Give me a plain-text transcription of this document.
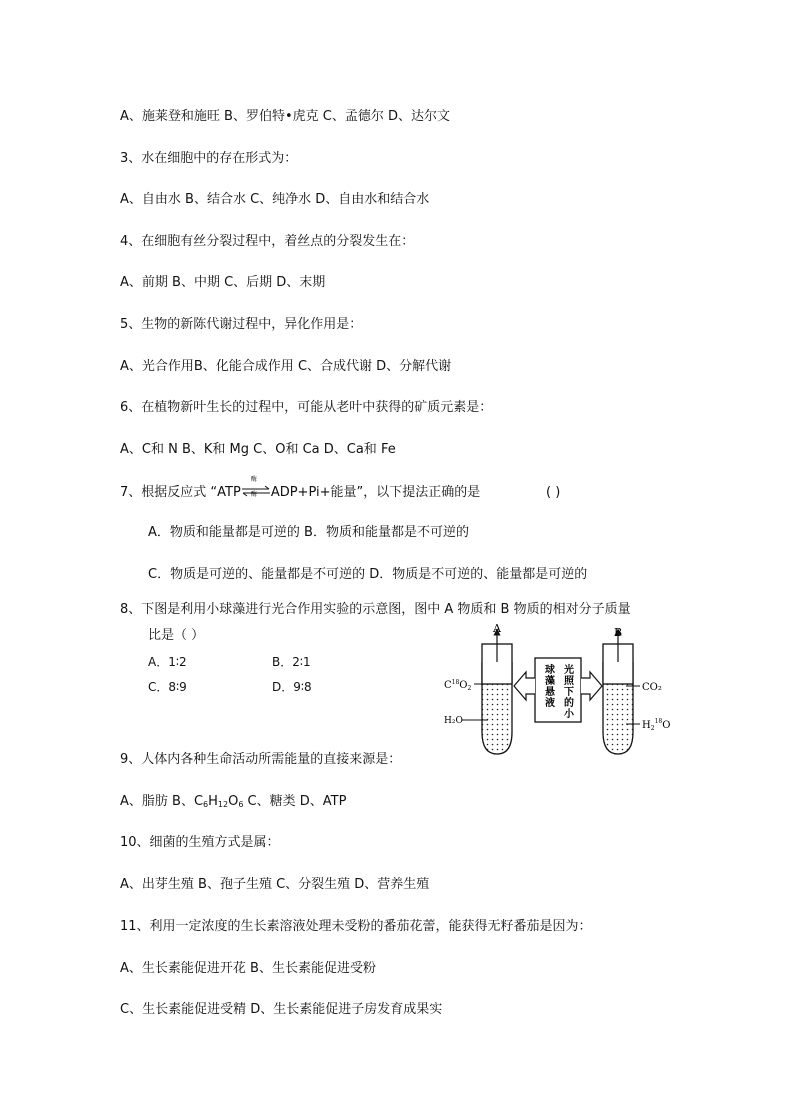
A、施莱登和施旺 B、罗伯特•虎克 C、孟德尔 D、达尔文
3、水在细胞中的存在形式为：
A、自由水 B、结合水 C、纯净水 D、自由水和结合水
4、在细胞有丝分裂过程中，着丝点的分裂发生在：
A、前期 B、中期 C、后期 D、末期
5、生物的新陈代谢过程中，异化作用是：
A、光合作用B、化能合成作用 C、合成代谢 D、分解代谢
6、在植物新叶生长的过程中，可能从老叶中获得的矿质元素是：
A、C和 N B、K和 Mg C、O和 Ca D、Ca和 Fe
7、根据反应式 “ATP
酶
酶 ADP+Pi+能量”，以下提法正确的是	( )
A．物质和能量都是可逆的 B．物质和能量都是不可逆的
C．物质是可逆的、能量都是不可逆的 D．物质是不可逆的、能量都是可逆的
8、下图是利用小球藻进行光合作用实验的示意图，图中 A 物质和 B 物质的相对分子质量
比是（ ）
A．1∶2	B．2∶1
C．8∶9	D．9∶8
A	B
$C^{18}O_2$
H₂O
CO₂
$H_2^{18}O$
球藻悬液 光照下的小
9、人体内各种生命活动所需能量的直接来源是：
A、脂肪 B、$C_6H_{12}O_6$ C、糖类 D、ATP
10、细菌的生殖方式是属：
A、出芽生殖 B、孢子生殖 C、分裂生殖 D、营养生殖
11、利用一定浓度的生长素溶液处理未受粉的番茄花蕾，能获得无籽番茄是因为：
A、生长素能促进开花 B、生长素能促进受粉
C、生长素能促进受精 D、生长素能促进子房发育成果实
